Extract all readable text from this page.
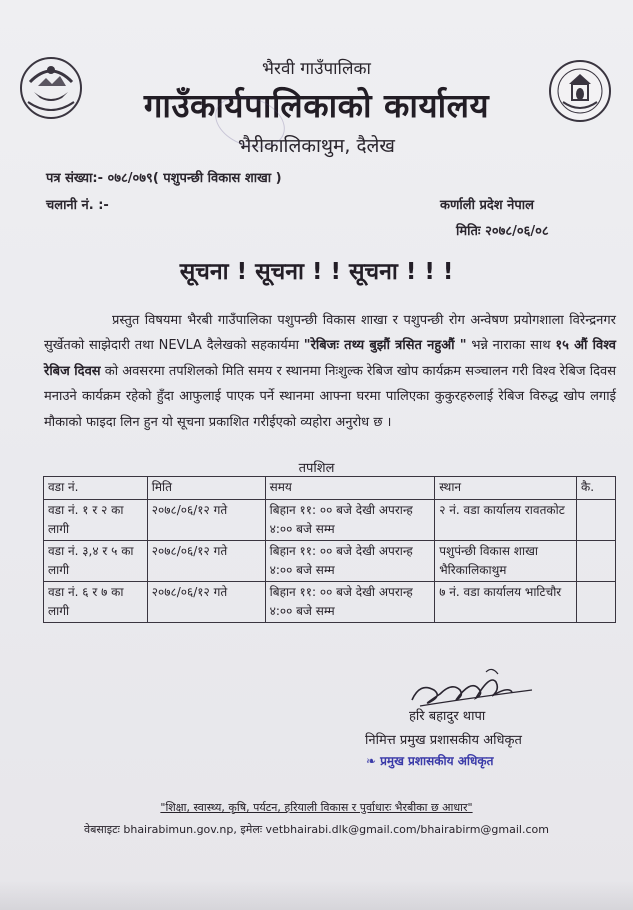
भैरवी गाउँपालिका
गाउँकार्यपालिकाको कार्यालय
भैरीकालिकाथुम, दैलेख
पत्र संख्या:- ०७८/०७९( पशुपन्छी विकास शाखा )
चलानी नं. :-	कर्णाली प्रदेश नेपाल
मितिः २०७८/०६/०८
सूचना ! सूचना ! ! सूचना ! ! !
प्रस्तुत विषयमा भैरबी गाउँपालिका पशुपन्छी विकास शाखा र पशुपन्छी रोग अन्वेषण प्रयोगशाला विरेन्द्रनगर सुर्खेतको साझेदारी तथा NEVLA दैलेखको सहकार्यमा "रेबिजः तथ्य बुझौं त्रसित नहुऔं " भन्ने नाराका साथ १५ औं विश्व रेबिज दिवस को अवसरमा तपशिलको मिति समय र स्थानमा निःशुल्क रेबिज खोप कार्यक्रम सञ्चालन गरी विश्व रेबिज दिवस मनाउने कार्यक्रम रहेको हुँदा आफुलाई पाएक पर्ने स्थानमा आफ्ना घरमा पालिएका कुकुरहरुलाई रेबिज विरुद्ध खोप लगाई मौकाको फाइदा लिन हुन यो सूचना प्रकाशित गरीईएको व्यहोरा अनुरोध छ ।
तपशिल
वडा नं.	मिति	समय	स्थान	कै.
वडा नं. १ र २ का लागी	२०७८/०६/१२ गते	बिहान ११: ०० बजे देखी अपरान्ह ४:०० बजे सम्म	२ नं. वडा कार्यालय रावतकोट	
वडा नं. ३,४ र ५ का लागी	२०७८/०६/१२ गते	बिहान ११: ०० बजे देखी अपरान्ह ४:०० बजे सम्म	पशुपंन्छी विकास शाखा भैरिकालिकाथुम	
वडा नं. ६ र ७ का लागी	२०७८/०६/१२ गते	बिहान ११: ०० बजे देखी अपरान्ह ४:०० बजे सम्म	७ नं. वडा कार्यालय भाटिचौर	
हरि बहादुर थापा
निमित्त प्रमुख प्रशासकीय अधिकृत
❧ प्रमुख प्रशासकीय अधिकृत
"शिक्षा, स्वास्थ्य, कृषि, पर्यटन, हरियाली विकास र पुर्वाधारः भैरबीका छ आधार"
वेबसाइटः bhairabimun.gov.np, इमेलः vetbhairabi.dlk@gmail.com/bhairabirm@gmail.com
